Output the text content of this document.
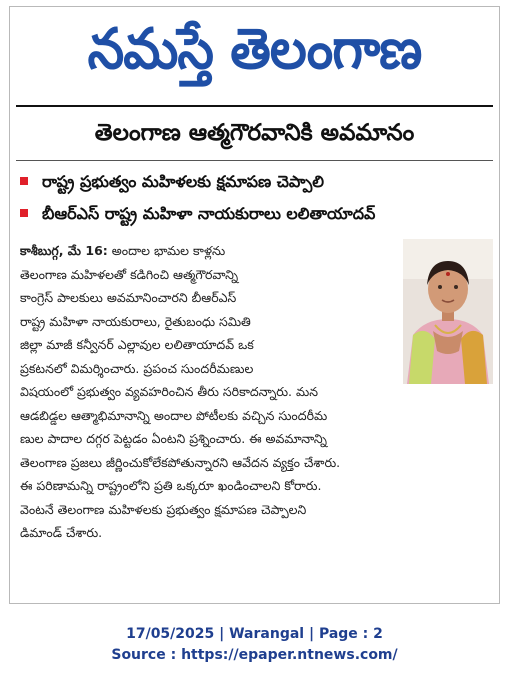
నమస్తే తెలంగాణ
తెలంగాణ ఆత్మగౌరవానికి అవమానం
రాష్ట్ర ప్రభుత్వం మహిళలకు క్షమాపణ చెప్పాలి
బీఆర్ఎస్ రాష్ట్ర మహిళా నాయకురాలు లలితాయాదవ్
కాశీబుగ్గ, మే 16: అందాల భామల కాళ్లను
తెలంగాణ మహిళలతో కడిగించి ఆత్మగౌరవాన్ని
కాంగ్రెస్ పాలకులు అవమానించారని బీఆర్ఎస్
రాష్ట్ర మహిళా నాయకురాలు, రైతుబంధు సమితి
జిల్లా మాజీ కన్వీనర్ ఎల్లావుల లలితాయాదవ్ ఒక
ప్రకటనలో విమర్శించారు. ప్రపంచ సుందరీమణుల
విషయంలో ప్రభుత్వం వ్యవహరించిన తీరు సరికాదన్నారు. మన
ఆడబిడ్డల ఆత్మాభిమానాన్ని అందాల పోటీలకు వచ్చిన సుందరీమ
ణుల పాదాల దగ్గర పెట్టడం ఏంటని ప్రశ్నించారు. ఈ అవమానాన్ని
తెలంగాణ ప్రజలు జీర్ణించుకోలేకపోతున్నారని ఆవేదన వ్యక్తం చేశారు.
ఈ పరిణామన్ని రాష్ట్రంలోని ప్రతి ఒక్కరూ ఖండించాలని కోరారు.
వెంటనే తెలంగాణ మహిళలకు ప్రభుత్వం క్షమాపణ చెప్పాలని
డిమాండ్ చేశారు.
17/05/2025 | Warangal | Page : 2
Source : https://epaper.ntnews.com/
